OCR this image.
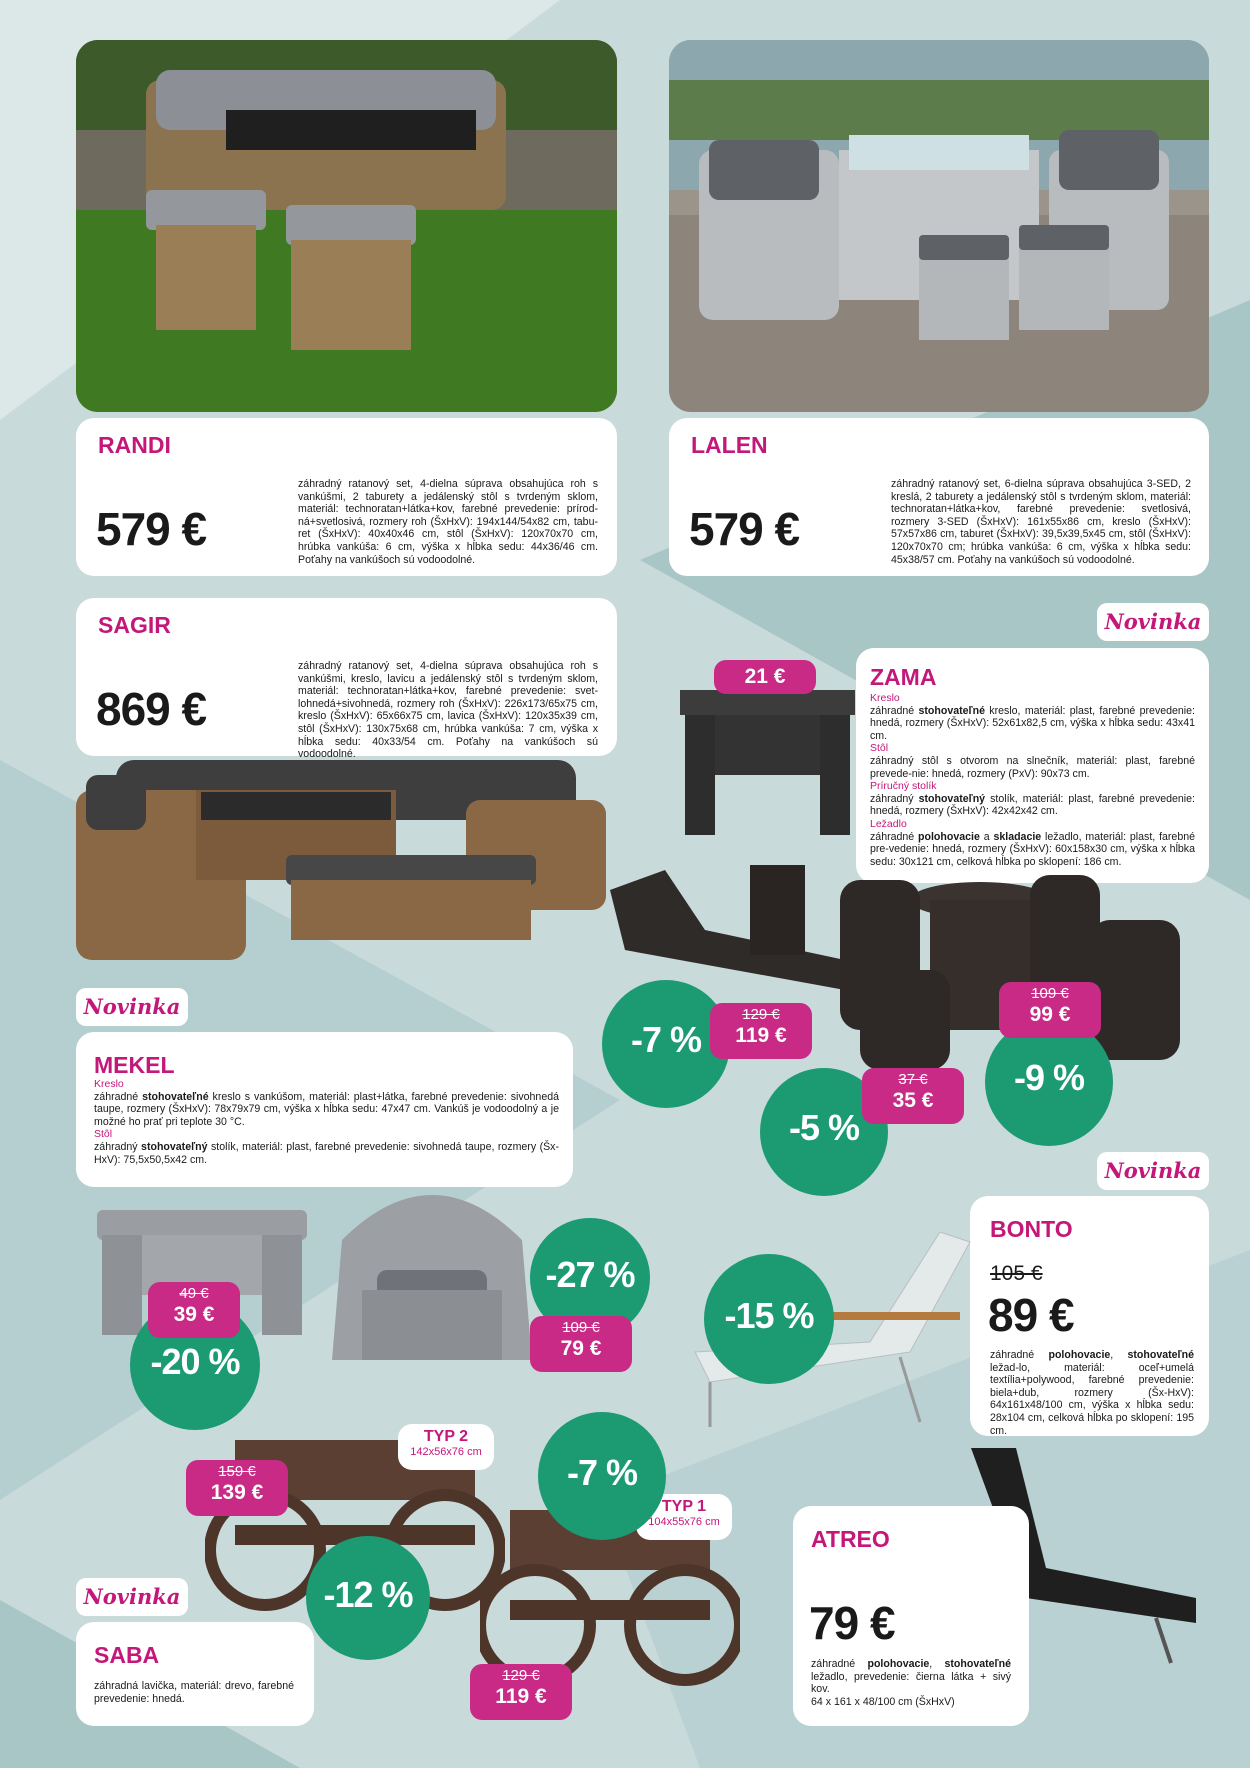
RANDI
579 €
záhradný ratanový set, 4-dielna súprava obsahujúca roh s vankúšmi, 2 taburety a jedálenský stôl s tvrdeným sklom, materiál: technoratan+látka+kov, farebné prevedenie: prírod-ná+svetlosivá, rozmery roh (ŠxHxV): 194x144/54x82 cm, tabu-ret (ŠxHxV): 40x40x46 cm, stôl (ŠxHxV): 120x70x70 cm, hrúbka vankúša: 6 cm, výška x hĺbka sedu: 44x36/46 cm. Poťahy na vankúšoch sú vodoodolné.
LALEN
579 €
záhradný ratanový set, 6-dielna súprava obsahujúca 3-SED, 2 kreslá, 2 taburety a jedálenský stôl s tvrdeným sklom, materiál: technoratan+látka+kov, farebné prevedenie: svetlosivá, rozmery 3-SED (ŠxHxV): 161x55x86 cm, kreslo (ŠxHxV): 57x57x86 cm, taburet (ŠxHxV): 39,5x39,5x45 cm, stôl (ŠxHxV): 120x70x70 cm; hrúbka vankúša: 6 cm, výška x hĺbka sedu: 45x38/57 cm. Poťahy na vankúšoch sú vodoodolné.
SAGIR
869 €
záhradný ratanový set, 4-dielna súprava obsahujúca roh s vankúšmi, kreslo, lavicu a jedálenský stôl s tvrdeným sklom, materiál: technoratan+látka+kov, farebné prevedenie: svet-lohnedá+sivohnedá, rozmery roh (ŠxHxV): 226x173/65x75 cm, kreslo (ŠxHxV): 65x66x75 cm, lavica (ŠxHxV): 120x35x39 cm, stôl (ŠxHxV): 130x75x68 cm, hrúbka vankúša: 7 cm, výška x hĺbka sedu: 40x33/54 cm. Poťahy na vankúšoch sú vodoodolné.
Novinka
ZAMA
Kreslo
záhradné stohovateľné kreslo, materiál: plast, farebné prevedenie: hnedá, rozmery (ŠxHxV): 52x61x82,5 cm, výška x hĺbka sedu: 43x41 cm.
Stôl
záhradný stôl s otvorom na slnečník, materiál: plast, farebné prevede-nie: hnedá, rozmery (PxV): 90x73 cm.
Príručný stolík
záhradný stohovateľný stolík, materiál: plast, farebné prevedenie: hnedá, rozmery (ŠxHxV): 42x42x42 cm.
Ležadlo
záhradné polohovacie a skladacie ležadlo, materiál: plast, farebné pre-vedenie: hnedá, rozmery (ŠxHxV): 60x158x30 cm, výška x hĺbka sedu: 30x121 cm, celková hĺbka po sklopení: 186 cm.
21 €
-7 %
129 €
119 €
-9 %
109 €
99 €
-5 %
37 €
35 €
Novinka
MEKEL
Kreslo
záhradné stohovateľné kreslo s vankúšom, materiál: plast+látka, farebné prevedenie: sivohnedá taupe, rozmery (ŠxHxV): 78x79x79 cm, výška x hĺbka sedu: 47x47 cm. Vankúš je vodoodolný a je možné ho prať pri teplote 30 °C.
Stôl
záhradný stohovateľný stolík, materiál: plast, farebné prevedenie: sivohnedá taupe, rozmery (Šx-HxV): 75,5x50,5x42 cm.
-20 %
49 €
39 €
-27 %
109 €
79 €
Novinka
BONTO
105 €
89 €
záhradné polohovacie, stohovateľné ležad-lo, materiál: oceľ+umelá textília+polywood, farebné prevedenie: biela+dub, rozmery (Šx-HxV): 64x161x48/100 cm, výška x hĺbka sedu: 28x104 cm, celková hĺbka po sklopení: 195 cm.
-15 %
ATREO
79 €
záhradné polohovacie, stohovateľné ležadlo, prevedenie: čierna látka + sivý kov.
64 x 161 x 48/100 cm (ŠxHxV)
TYP 2
142x56x76 cm
TYP 1
104x55x76 cm
159 €
139 €
-12 %
-7 %
129 €
119 €
Novinka
SABA
záhradná lavička, materiál: drevo, farebné prevedenie: hnedá.
